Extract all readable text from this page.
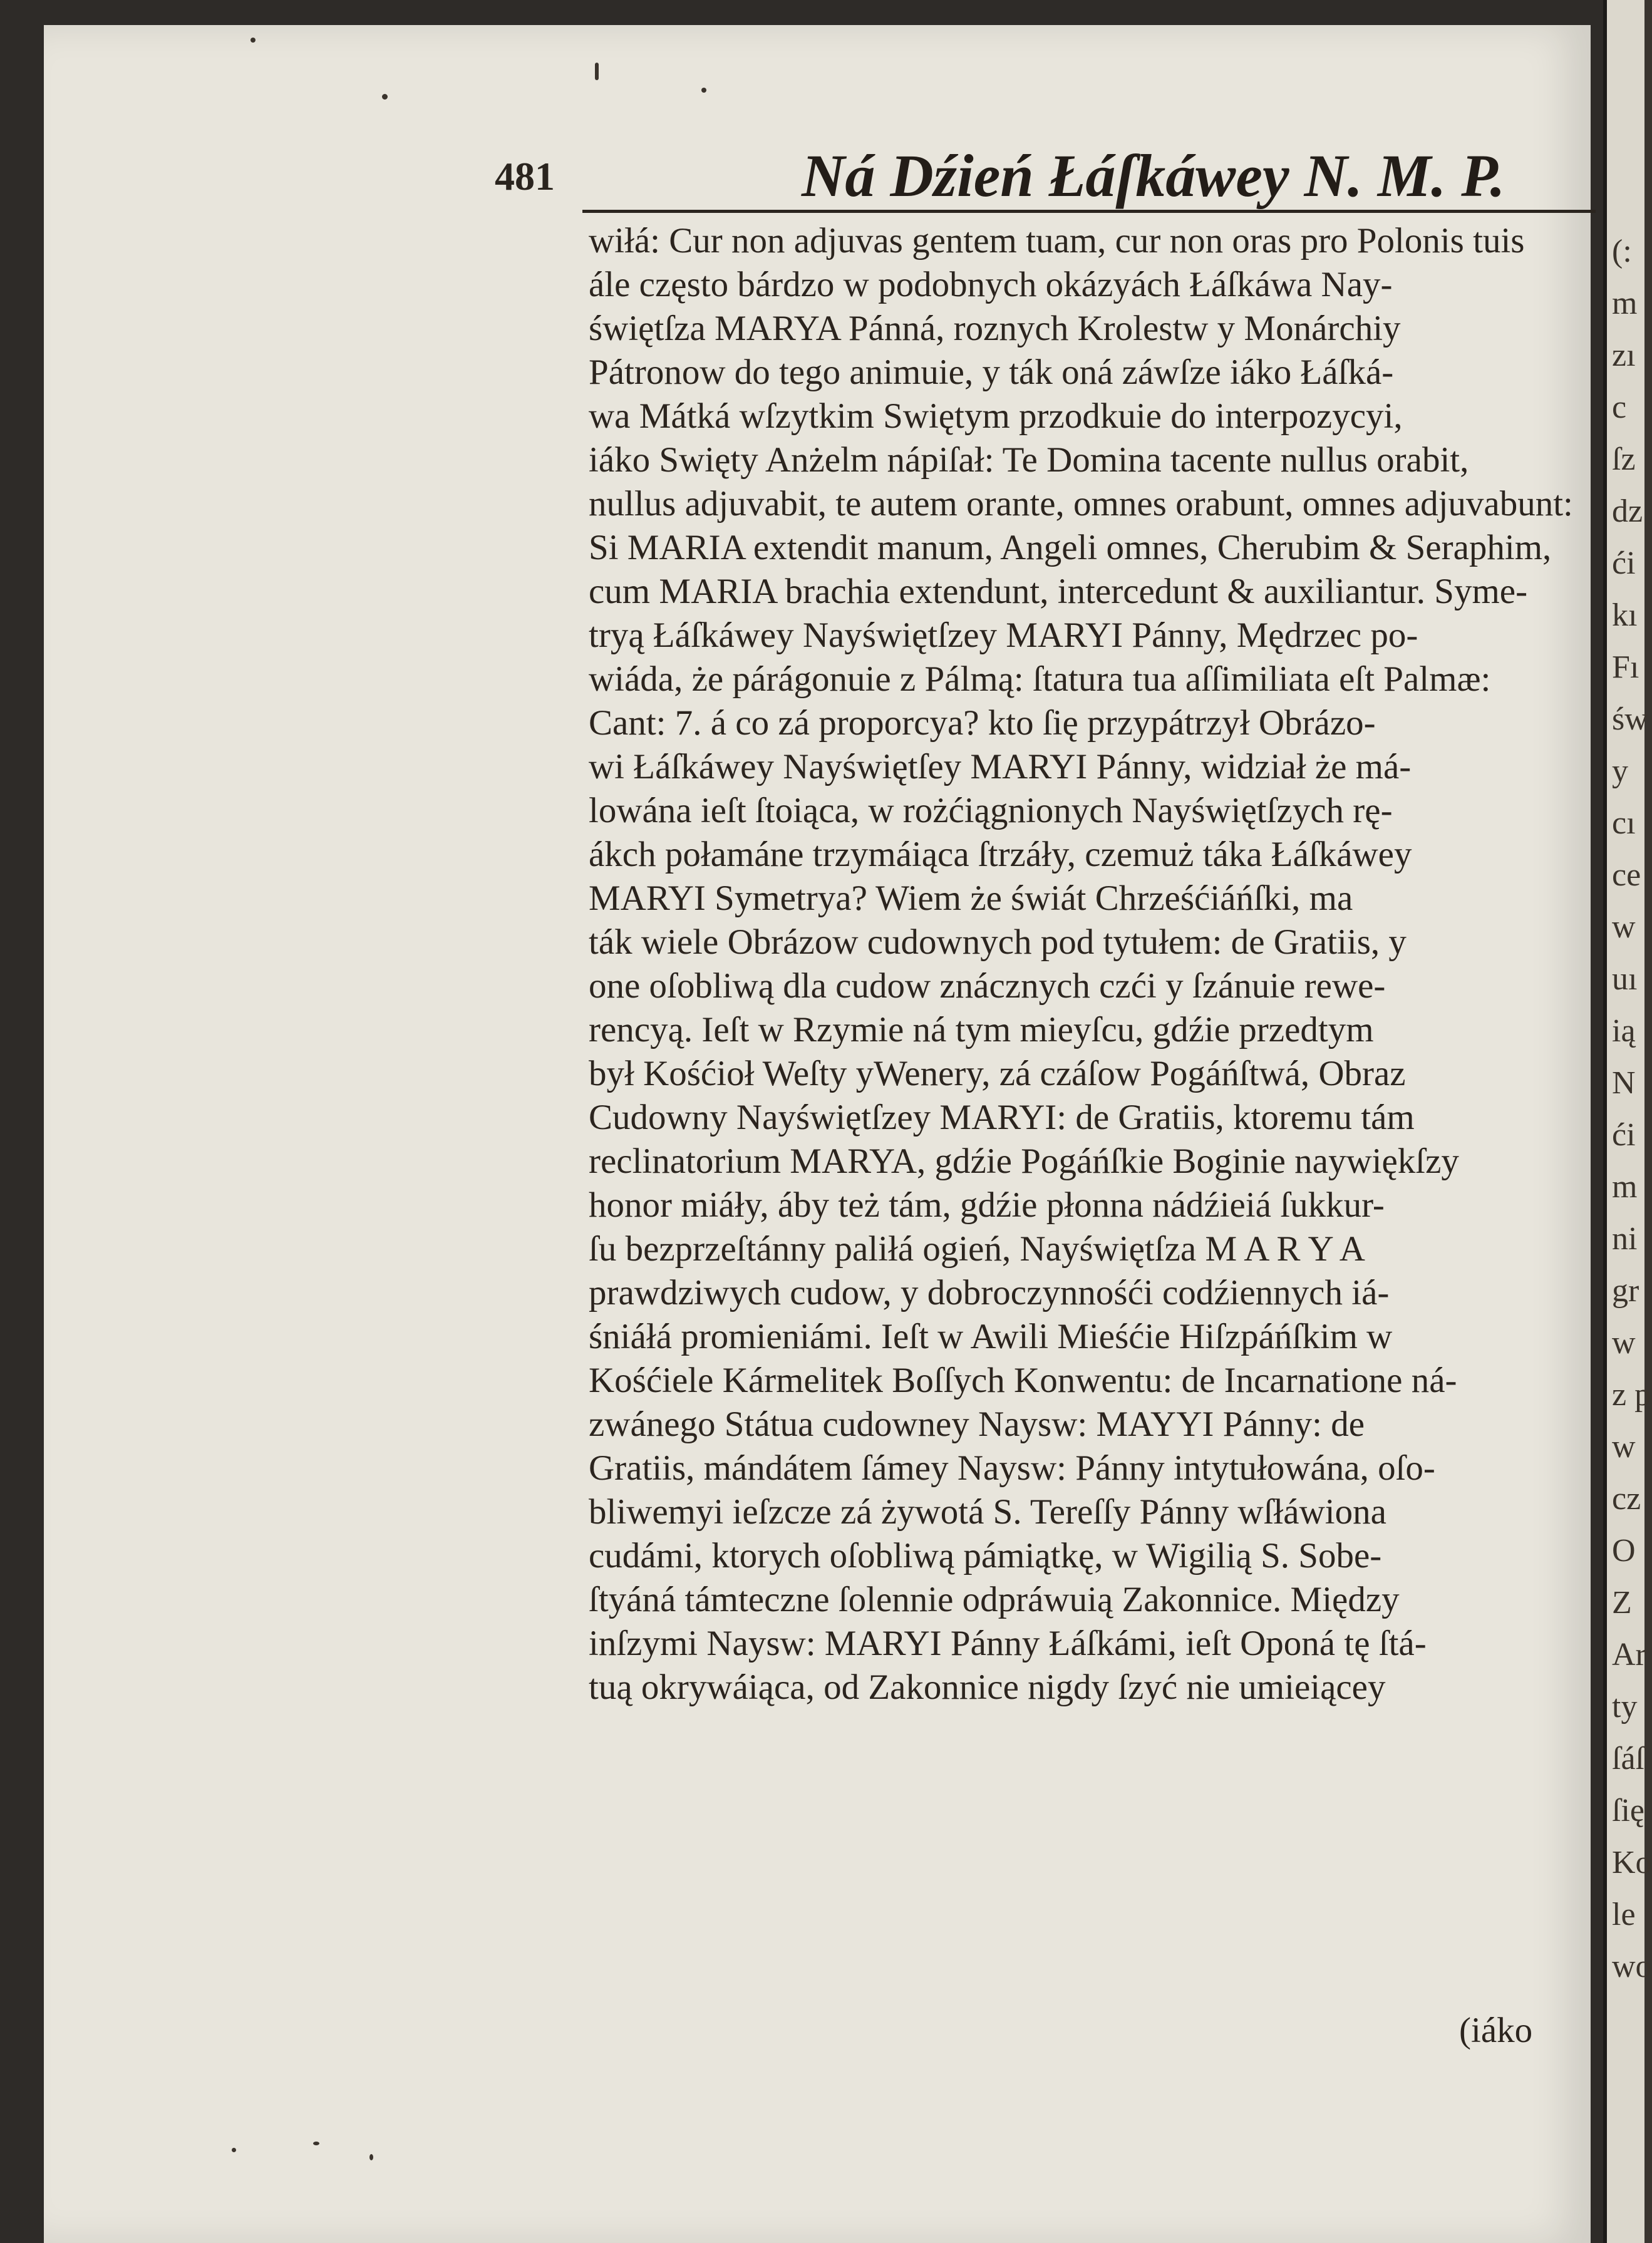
481	Ná Dźień Łáſkáwey N. M. P.
wiłá: Cur non adjuvas gentem tuam, cur non oras pro Polonis tuis
ále często bárdzo w podobnych okázyách Łáſkáwa Nay-
świętſza MARYA Pánná, roznych Krolestw y Monárchiy
Pátronow do tego animuie, y ták oná záwſze iáko Łáſká-
wa Mátká wſzytkim Swiętym przodkuie do interpozycyi,
iáko Swięty Anżelm nápiſał: Te Domina tacente nullus orabit,
nullus adjuvabit, te autem orante, omnes orabunt, omnes adjuvabunt:
Si MARIA extendit manum, Angeli omnes, Cherubim & Seraphim,
cum MARIA brachia extendunt, intercedunt & auxiliantur. Syme-
tryą Łáſkáwey Nayświętſzey MARYI Pánny, Mędrzec po-
wiáda, że párágonuie z Pálmą: ſtatura tua aſſimiliata eſt Palmæ:
Cant: 7. á co zá proporcya? kto ſię przypátrzył Obrázo-
wi Łáſkáwey Nayświętſey MARYI Pánny, widział że má-
lowána ieſt ſtoiąca, w rożćiągnionych Nayświętſzych rę-
ákch połamáne trzymáiąca ſtrzáły, czemuż táka Łáſkáwey
MARYI Symetrya? Wiem że świát Chrześćiáńſki, ma
ták wiele Obrázow cudownych pod tytułem: de Gratiis, y
one oſobliwą dla cudow znácznych czći y ſzánuie rewe-
rencyą. Ieſt w Rzymie ná tym mieyſcu, gdźie przedtym
był Kośćioł Weſty yWenery, zá czáſow Pogáńſtwá, Obraz
Cudowny Nayświętſzey MARYI: de Gratiis, ktoremu tám
reclinatorium MARYA, gdźie Pogáńſkie Boginie naywiękſzy
honor miáły, áby też tám, gdźie płonna nádźieiá ſukkur-
ſu bezprzeſtánny paliłá ogień, Nayświętſza M A R Y A
prawdziwych cudow, y dobroczynnośći codźiennych iá-
śniáłá promieniámi. Ieſt w Awili Mieśćie Hiſzpáńſkim w
Kośćiele Kármelitek Boſſych Konwentu: de Incarnatione ná-
zwánego Státua cudowney Naysw: MAYYI Pánny: de
Gratiis, mándátem ſámey Naysw: Pánny intytułowána, oſo-
bliwemyi ieſzcze zá żywotá S. Tereſſy Pánny wſłáwiona
cudámi, ktorych oſobliwą pámiątkę, w Wigilią S. Sobe-
ſtyáná támteczne ſolennie odpráwuią Zakonnice. Między
inſzymi Naysw: MARYI Pánny Łáſkámi, ieſt Oponá tę ſtá-
tuą okrywáiąca, od Zakonnice nigdy ſzyć nie umieiącey
(iáko
(:
m
zı
c
ſz
dz
ći
kı
Fı
św
y
cı
ce
w
uı
ią
N
ći
m
ni
gr
w
z p
w
cz
O
Z
Ar
ty
ſáſ
ſię
Ko
le
wo
